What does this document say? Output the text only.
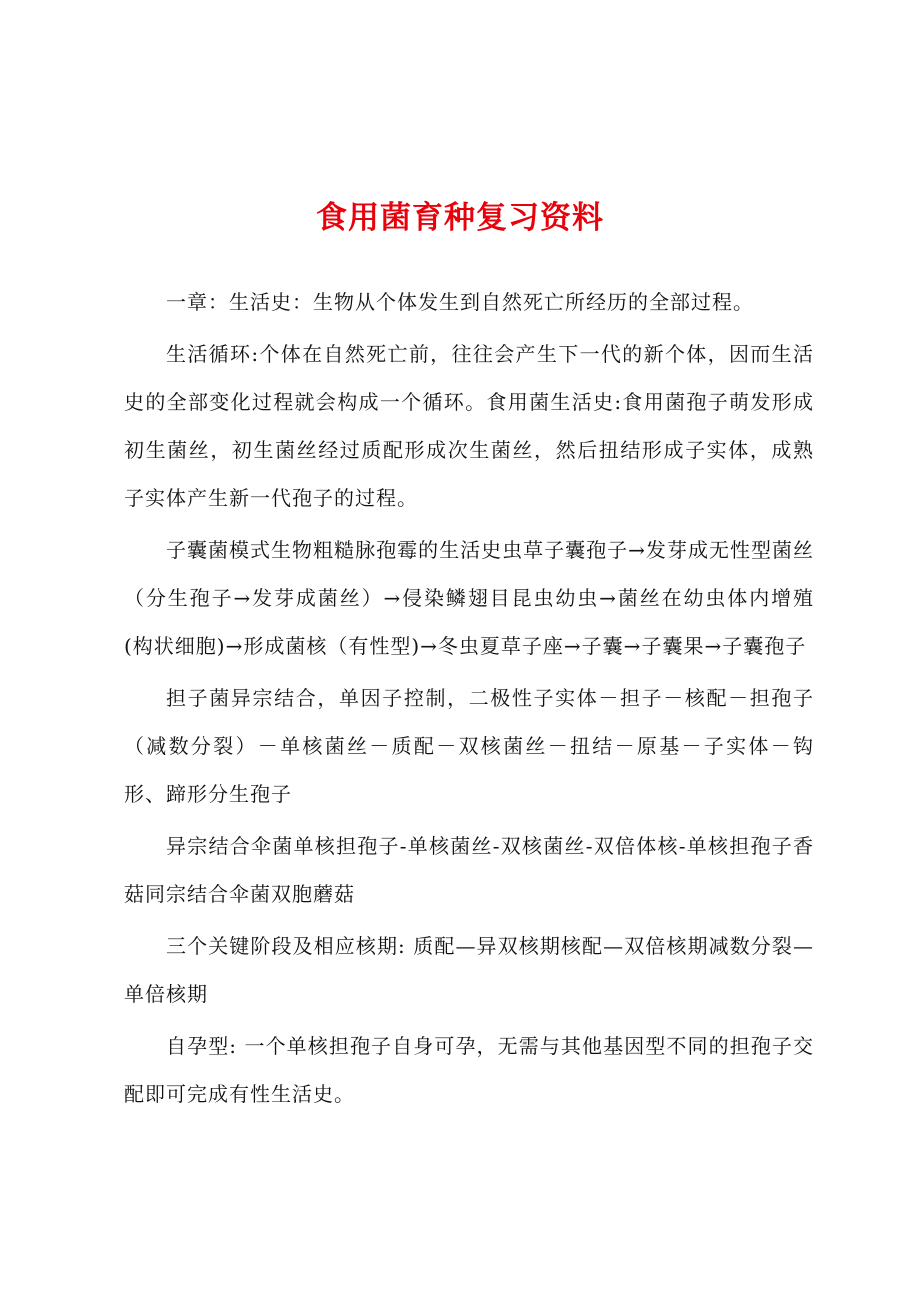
食用菌育种复习资料

一章：生活史：生物从个体发生到自然死亡所经历的全部过程。

生活循环:个体在自然死亡前，往往会产生下一代的新个体，因而生活史的全部变化过程就会构成一个循环。食用菌生活史:食用菌孢子萌发形成初生菌丝，初生菌丝经过质配形成次生菌丝，然后扭结形成子实体，成熟子实体产生新一代孢子的过程。

子囊菌模式生物粗糙脉孢霉的生活史虫草子囊孢子→发芽成无性型菌丝（分生孢子→发芽成菌丝）→侵染鳞翅目昆虫幼虫→菌丝在幼虫体内增殖(构状细胞)→形成菌核（有性型)→冬虫夏草子座→子囊→子囊果→子囊孢子

担子菌异宗结合，单因子控制，二极性子实体－担子－核配－担孢子（减数分裂）－单核菌丝－质配－双核菌丝－扭结－原基－子实体－钩形、蹄形分生孢子

异宗结合伞菌单核担孢子-单核菌丝-双核菌丝-双倍体核-单核担孢子香菇同宗结合伞菌双胞蘑菇

三个关键阶段及相应核期: 质配—异双核期核配—双倍核期减数分裂—单倍核期

自孕型: 一个单核担孢子自身可孕，无需与其他基因型不同的担孢子交配即可完成有性生活史。
